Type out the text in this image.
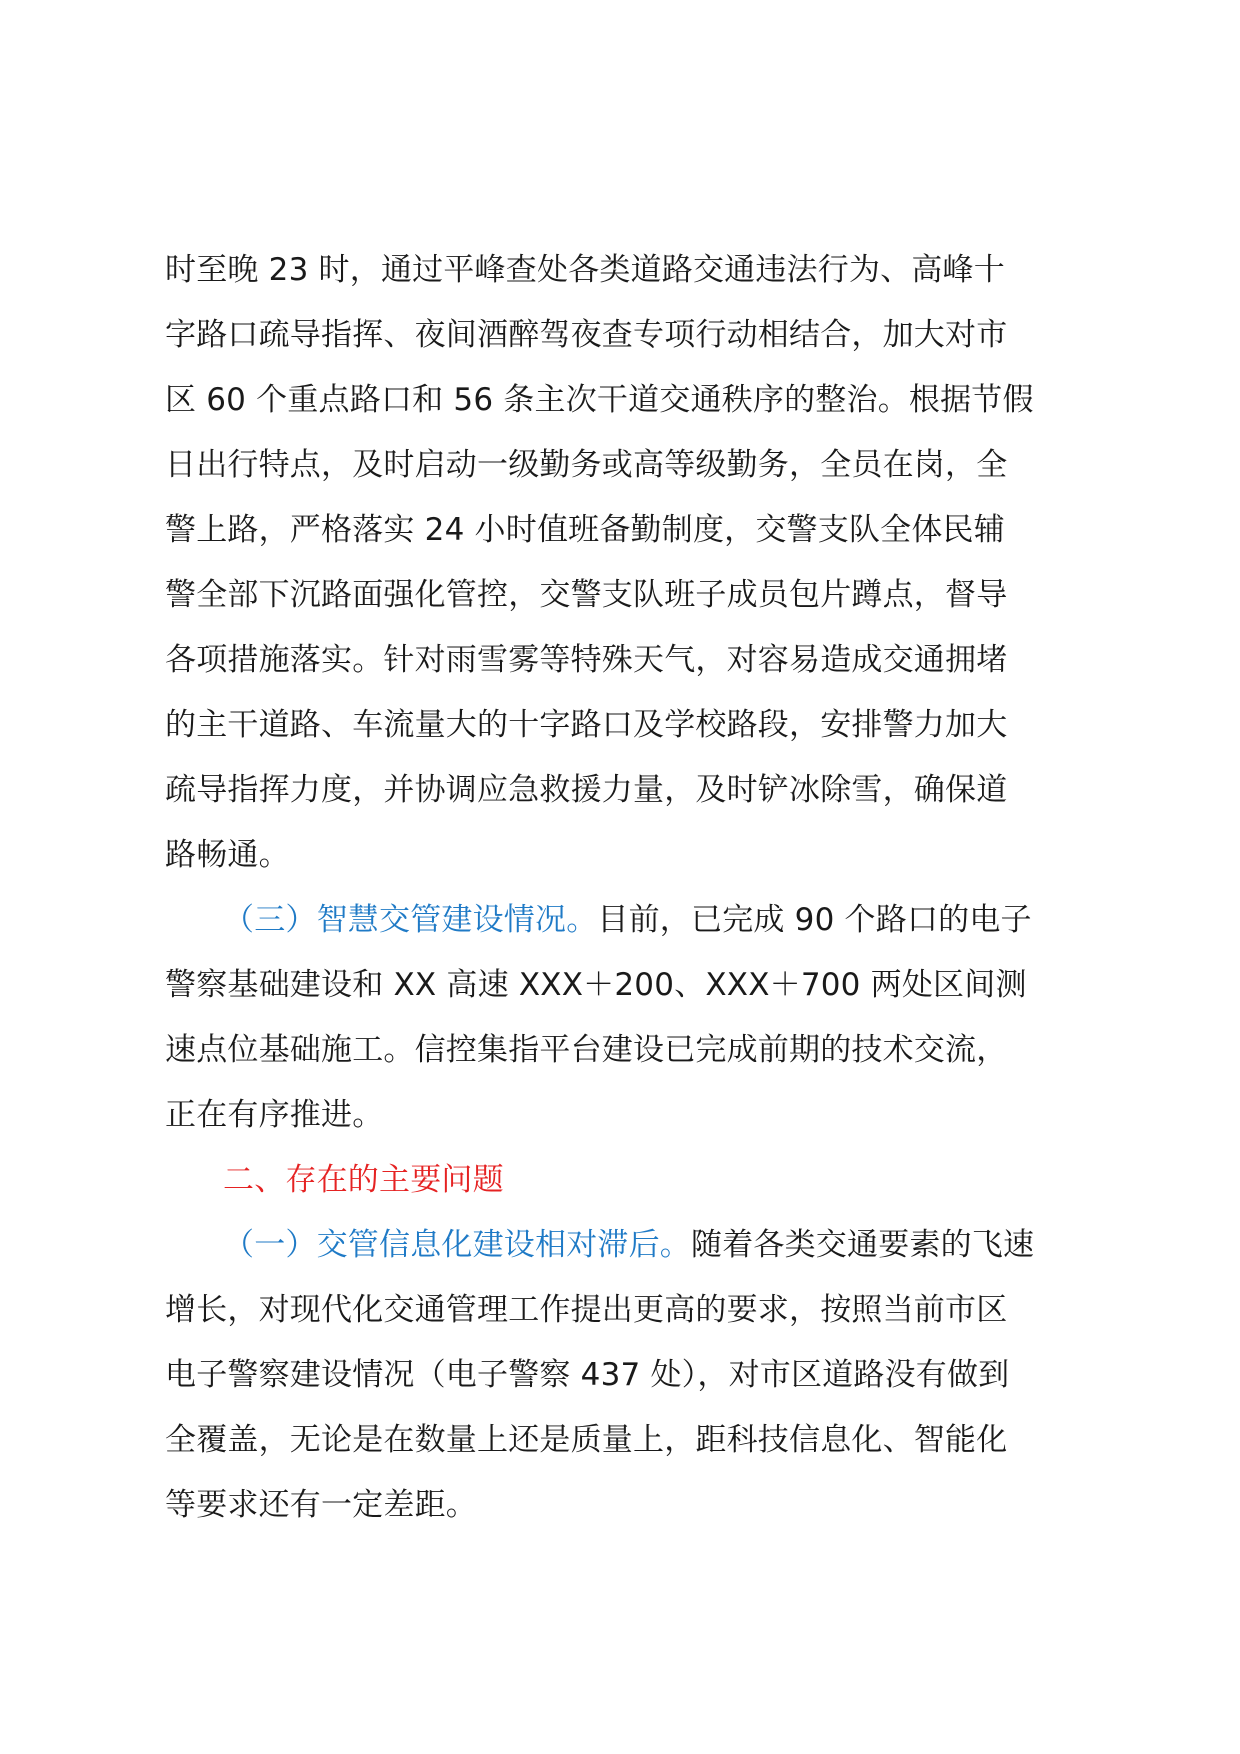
时至晚 23 时，通过平峰查处各类道路交通违法行为、高峰十
字路口疏导指挥、夜间酒醉驾夜查专项行动相结合，加大对市
区 60 个重点路口和 56 条主次干道交通秩序的整治。根据节假
日出行特点，及时启动一级勤务或高等级勤务，全员在岗，全
警上路，严格落实 24 小时值班备勤制度，交警支队全体民辅
警全部下沉路面强化管控，交警支队班子成员包片蹲点，督导
各项措施落实。针对雨雪雾等特殊天气，对容易造成交通拥堵
的主干道路、车流量大的十字路口及学校路段，安排警力加大
疏导指挥力度，并协调应急救援力量，及时铲冰除雪，确保道
路畅通。
（三）智慧交管建设情况。目前，已完成 90 个路口的电子
警察基础建设和 XX 高速 XXX＋200、XXX＋700 两处区间测
速点位基础施工。信控集指平台建设已完成前期的技术交流，
正在有序推进。
二、存在的主要问题
（一）交管信息化建设相对滞后。随着各类交通要素的飞速
增长，对现代化交通管理工作提出更高的要求，按照当前市区
电子警察建设情况（电子警察 437 处），对市区道路没有做到
全覆盖，无论是在数量上还是质量上，距科技信息化、智能化
等要求还有一定差距。
